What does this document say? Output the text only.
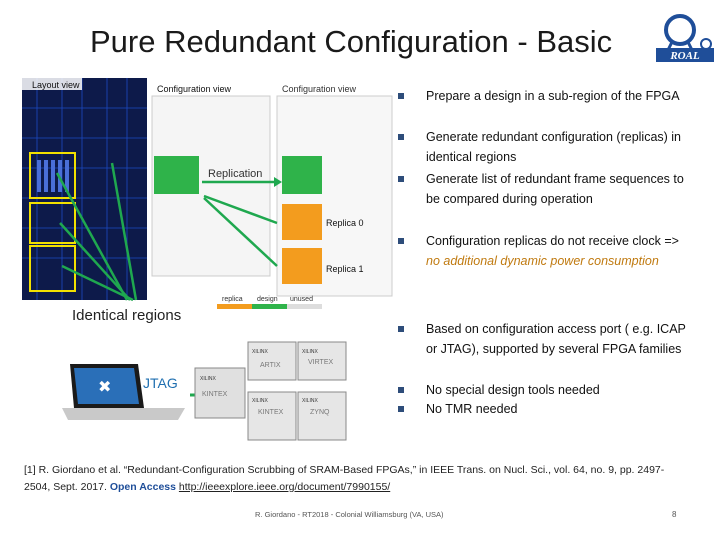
Pure Redundant Configuration - Basic	ROAL
Layout view	Configuration view	Configuration view
Replica 0
Replica 1
Replication
replica design unused
Identical regions
Prepare a design in a sub-region of the FPGA
Generate redundant configuration (replicas) in identical regions
Generate list of redundant frame sequences to be compared during operation
Configuration replicas do not receive clock => no additional dynamic power consumption
Based on configuration access port ( e.g. ICAP or JTAG), supported by several FPGA families
No special design tools needed
No TMR needed
✖ JTAG
XILINX
ARTIX
XILINX
VIRTEX
XILINX
KINTEX
XILINX
KINTEX
XILINX
ZYNQ
[1] R. Giordano et al. “Redundant-Configuration Scrubbing of SRAM-Based FPGAs,” in IEEE Trans. on Nucl. Sci., vol. 64, no. 9, pp. 2497-2504, Sept. 2017. Open Access http://ieeexplore.ieee.org/document/7990155/
R. Giordano - RT2018 - Colonial Williamsburg (VA, USA)	8
